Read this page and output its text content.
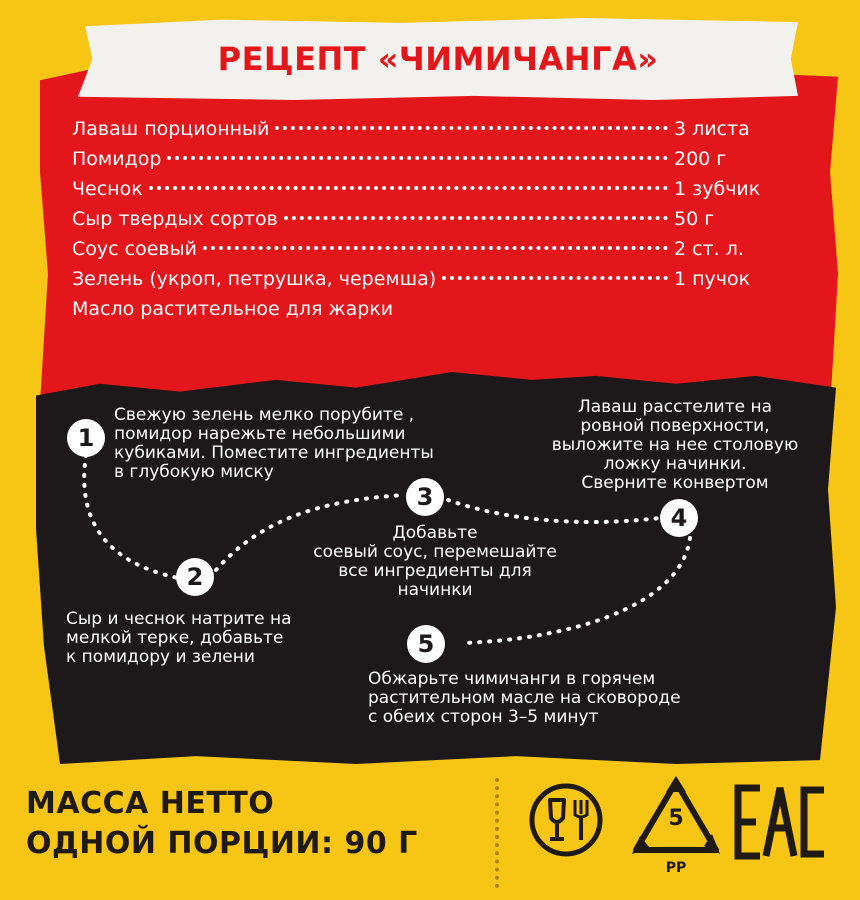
РЕЦЕПТ «ЧИМИЧАНГА»
Лаваш порционный	3 листа
Помидор	200 г
Чеснок	1 зубчик
Сыр твердых сортов	50 г
Соус соевый	2 ст. л.
Зелень (укроп, петрушка, черемша)	1 пучок
Масло растительное для жарки
1
2
3
4
5
Свежую зелень мелко порубите ,
помидор нарежьте небольшими
кубиками. Поместите ингредиенты
в глубокую миску
Сыр и чеснок натрите на
мелкой терке, добавьте
к помидору и зелени
Добавьте
соевый соус, перемешайте
все ингредиенты для
начинки
Лаваш расстелите на
ровной поверхности,
выложите на нее столовую
ложку начинки.
Сверните конвертом
Обжарьте чимичанги в горячем
растительном масле на сковороде
с обеих сторон 3–5 минут
МАССА НЕТТО
ОДНОЙ ПОРЦИИ: 90 Г
5
PP
